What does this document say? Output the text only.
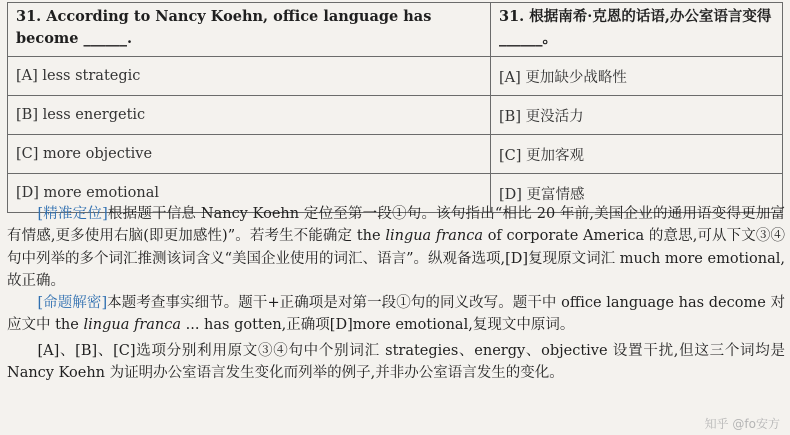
31. According to Nancy Koehn, office language has become ______.	31. 根据南希·克恩的话语,办公室语言变得______。
[A] less strategic	[A] 更加缺少战略性
[B] less energetic	[B] 更没活力
[C] more objective	[C] 更加客观
[D] more emotional	[D] 更富情感

[精准定位]根据题干信息 Nancy Koehn 定位至第一段①句。该句指出“相比 20 年前,美国企业的通用语变得更加富有情感,更多使用右脑(即更加感性)”。若考生不能确定 the lingua franca of corporate America 的意思,可从下文③④句中列举的多个词汇推测该词含义“美国企业使用的词汇、语言”。纵观备选项,[D]复现原文词汇 much more emotional,故正确。

[命题解密]本题考查事实细节。题干+正确项是对第一段①句的同义改写。题干中 office language has decome 对应文中 the lingua franca ... has gotten,正确项[D]more emotional,复现文中原词。

[A]、[B]、[C]选项分别利用原文③④句中个别词汇 strategies、energy、objective 设置干扰,但这三个词均是 Nancy Koehn 为证明办公室语言发生变化而列举的例子,并非办公室语言发生的变化。

知乎 @fo安方
